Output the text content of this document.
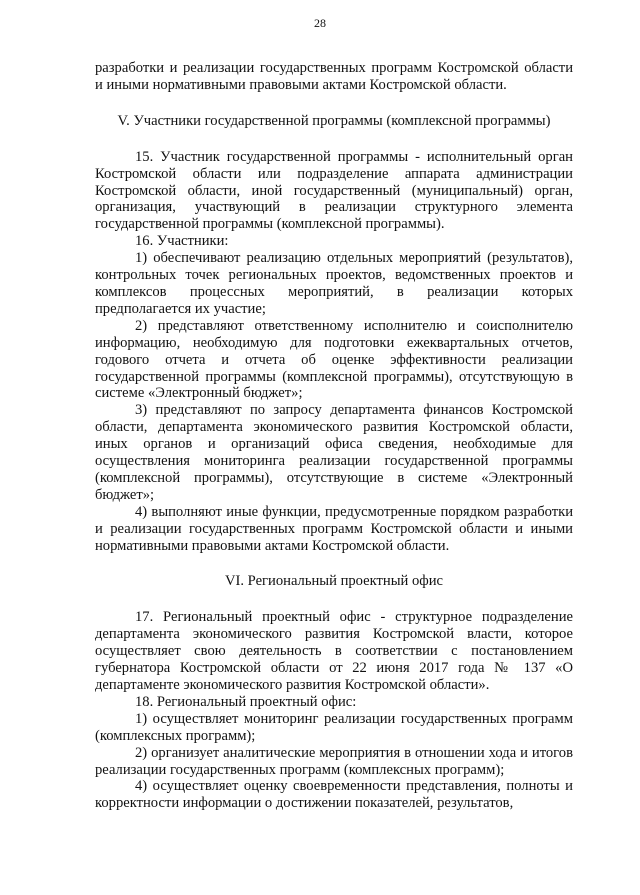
28

разработки и реализации государственных программ Костромской области и иными нормативными правовыми актами Костромской области.

V. Участники государственной программы (комплексной программы)

15. Участник государственной программы - исполнительный орган Костромской области или подразделение аппарата администрации Костромской области, иной государственный (муниципальный) орган, организация, участвующий в реализации структурного элемента государственной программы (комплексной программы).

16. Участники:

1) обеспечивают реализацию отдельных мероприятий (результатов), контрольных точек региональных проектов, ведомственных проектов и комплексов процессных мероприятий, в реализации которых предполагается их участие;

2) представляют ответственному исполнителю и соисполнителю информацию, необходимую для подготовки ежеквартальных отчетов, годового отчета и отчета об оценке эффективности реализации государственной программы (комплексной программы), отсутствующую в системе «Электронный бюджет»;

3) представляют по запросу департамента финансов Костромской области, департамента экономического развития Костромской области, иных органов и организаций офиса сведения, необходимые для осуществления мониторинга реализации государственной программы (комплексной программы), отсутствующие в системе «Электронный бюджет»;

4) выполняют иные функции, предусмотренные порядком разработки и реализации государственных программ Костромской области и иными нормативными правовыми актами Костромской области.

VI. Региональный проектный офис

17. Региональный проектный офис - структурное подразделение департамента экономического развития Костромской власти, которое осуществляет свою деятельность в соответствии с постановлением губернатора Костромской области от 22 июня 2017 года № 137 «О департаменте экономического развития Костромской области».

18. Региональный проектный офис:

1) осуществляет мониторинг реализации государственных программ (комплексных программ);

2) организует аналитические мероприятия в отношении хода и итогов реализации государственных программ (комплексных программ);

4) осуществляет оценку своевременности представления, полноты и корректности информации о достижении показателей, результатов,
